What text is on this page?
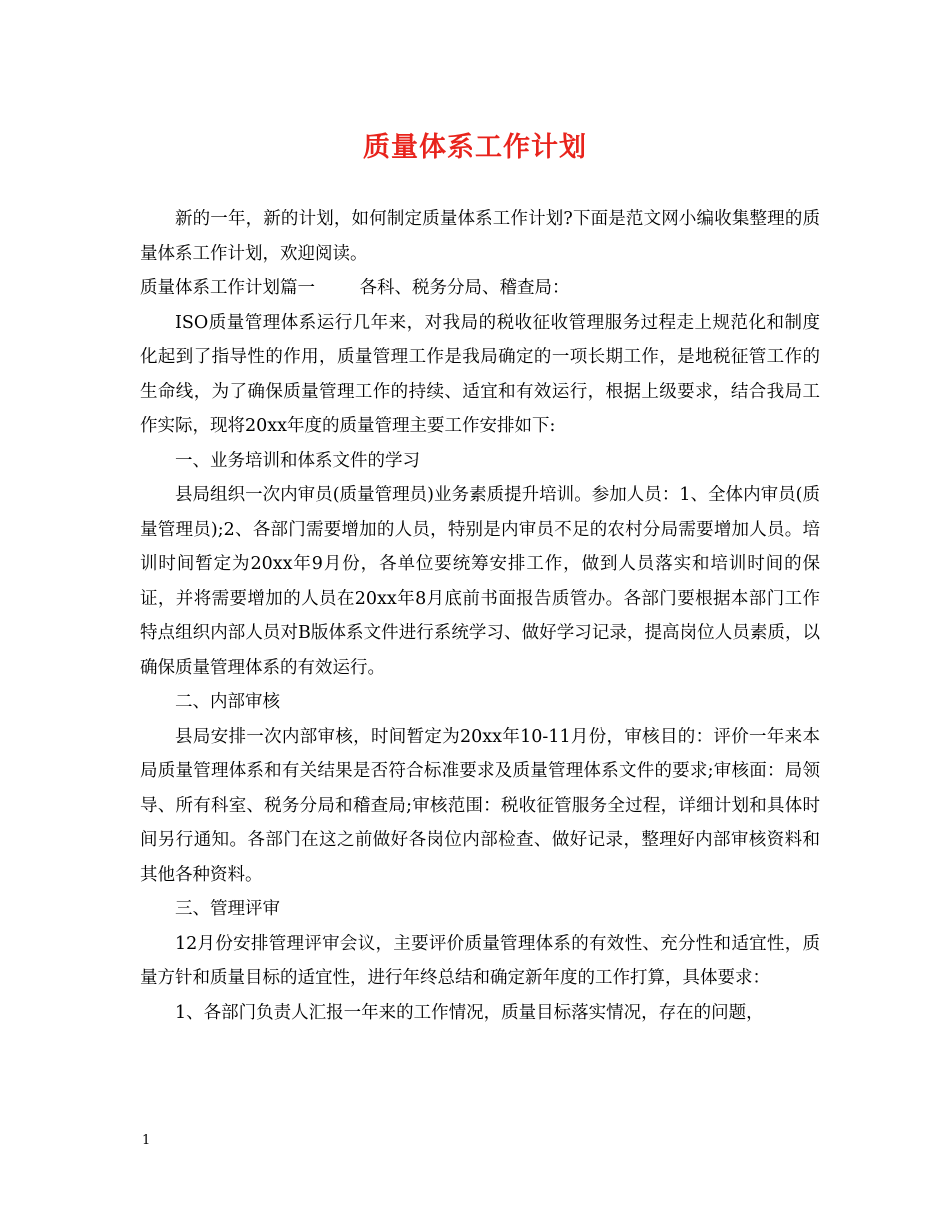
质量体系工作计划

新的一年，新的计划，如何制定质量体系工作计划?下面是范文网小编收集整理的质量体系工作计划，欢迎阅读。

质量体系工作计划篇一        各科、税务分局、稽查局：

ISO质量管理体系运行几年来，对我局的税收征收管理服务过程走上规范化和制度化起到了指导性的作用，质量管理工作是我局确定的一项长期工作，是地税征管工作的生命线，为了确保质量管理工作的持续、适宜和有效运行，根据上级要求，结合我局工作实际，现将20xx年度的质量管理主要工作安排如下:

一、业务培训和体系文件的学习

县局组织一次内审员(质量管理员)业务素质提升培训。参加人员：1、全体内审员(质量管理员);2、各部门需要增加的人员，特别是内审员不足的农村分局需要增加人员。培训时间暂定为20xx年9月份，各单位要统筹安排工作，做到人员落实和培训时间的保证，并将需要增加的人员在20xx年8月底前书面报告质管办。各部门要根据本部门工作特点组织内部人员对B版体系文件进行系统学习、做好学习记录，提高岗位人员素质，以确保质量管理体系的有效运行。

二、内部审核

县局安排一次内部审核，时间暂定为20xx年10-11月份，审核目的：评价一年来本局质量管理体系和有关结果是否符合标准要求及质量管理体系文件的要求;审核面：局领导、所有科室、税务分局和稽查局;审核范围：税收征管服务全过程，详细计划和具体时间另行通知。各部门在这之前做好各岗位内部检查、做好记录，整理好内部审核资料和其他各种资料。

三、管理评审

12月份安排管理评审会议，主要评价质量管理体系的有效性、充分性和适宜性，质量方针和质量目标的适宜性，进行年终总结和确定新年度的工作打算，具体要求：

1、各部门负责人汇报一年来的工作情况，质量目标落实情况，存在的问题，

1
